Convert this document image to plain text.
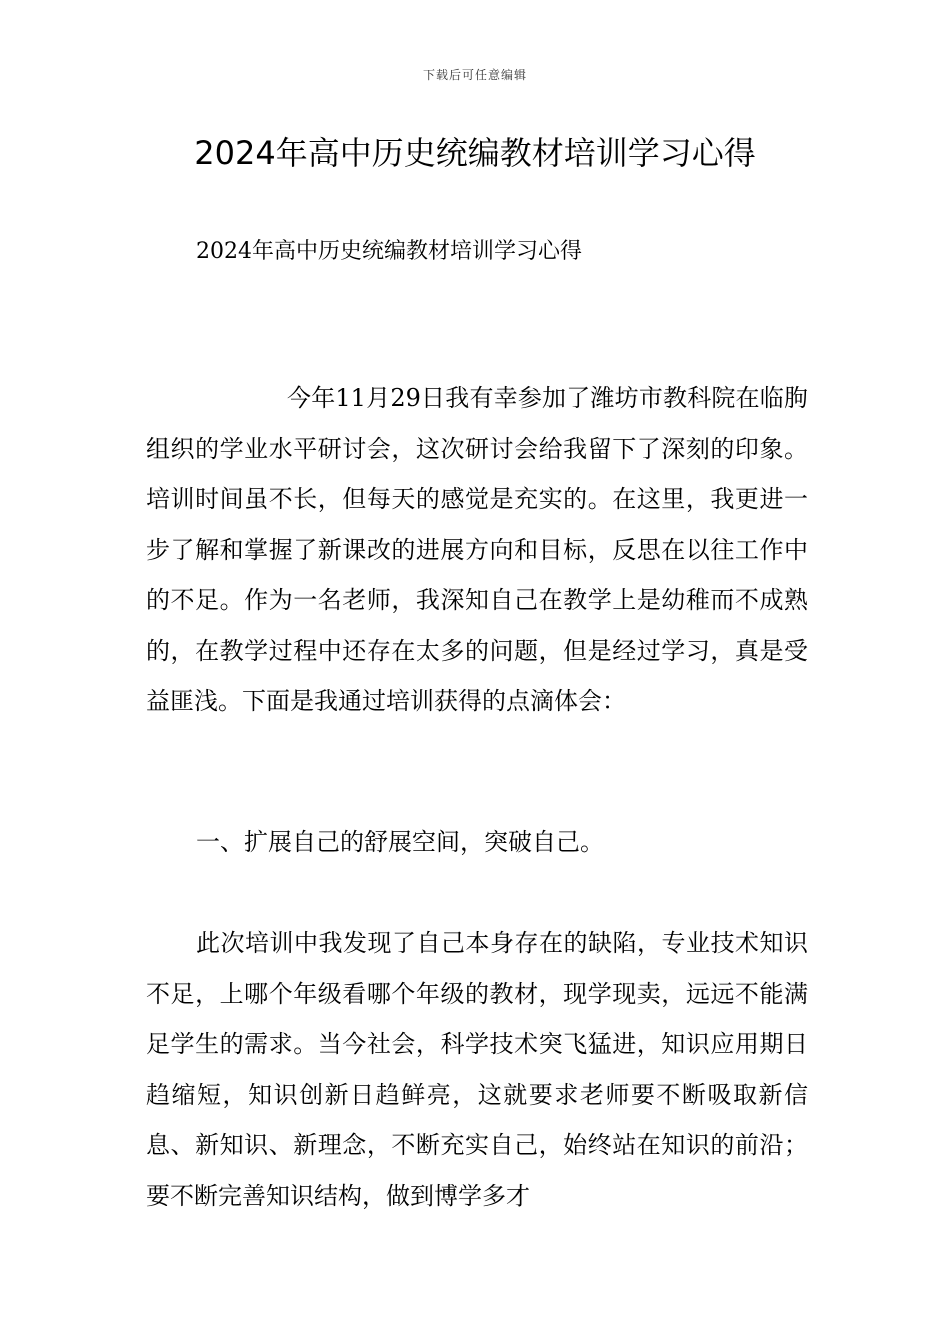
下载后可任意编辑
2024年高中历史统编教材培训学习心得

2024年高中历史统编教材培训学习心得

今年11月29日我有幸参加了潍坊市教科院在临朐组织的学业水平研讨会，这次研讨会给我留下了深刻的印象。培训时间虽不长，但每天的感觉是充实的。在这里，我更进一步了解和掌握了新课改的进展方向和目标，反思在以往工作中的不足。作为一名老师，我深知自己在教学上是幼稚而不成熟的，在教学过程中还存在太多的问题，但是经过学习，真是受益匪浅。下面是我通过培训获得的点滴体会：

一、扩展自己的舒展空间，突破自己。

此次培训中我发现了自己本身存在的缺陷，专业技术知识不足，上哪个年级看哪个年级的教材，现学现卖，远远不能满足学生的需求。当今社会，科学技术突飞猛进，知识应用期日趋缩短，知识创新日趋鲜亮，这就要求老师要不断吸取新信息、新知识、新理念，不断充实自己，始终站在知识的前沿；要不断完善知识结构，做到博学多才
